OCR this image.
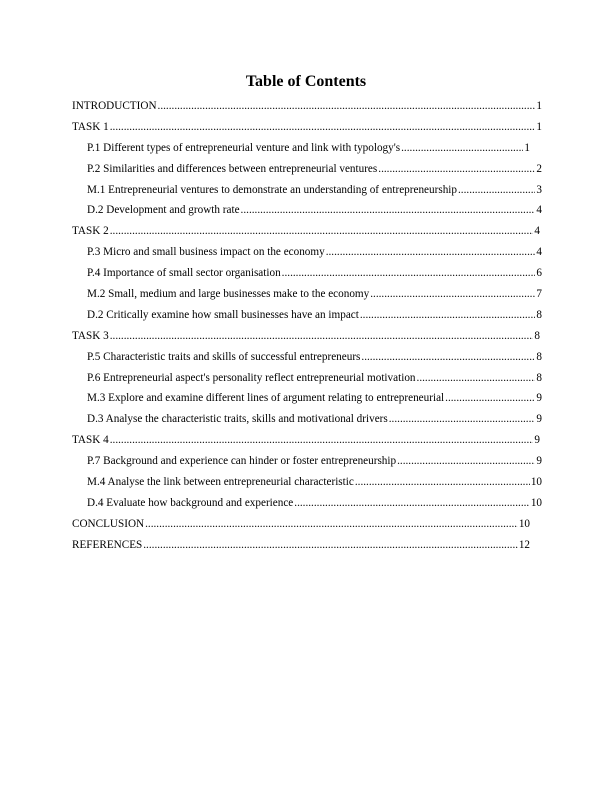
Table of Contents
INTRODUCTION .....	1
TASK 1 .....	1
P.1 Different types of entrepreneurial venture and link with typology's .....	1
P.2 Similarities and differences between entrepreneurial ventures .....	2
M.1 Entrepreneurial ventures to demonstrate an understanding of entrepreneurship .....	3
D.2 Development and growth rate .....	4
TASK 2 .....	4
P.3 Micro and small business impact on the economy .....	4
P.4 Importance of small sector organisation .....	6
M.2 Small, medium and large businesses make to the economy .....	7
D.2 Critically examine how small businesses have an impact .....	8
TASK 3 .....	8
P.5 Characteristic traits and skills of successful entrepreneurs .....	8
P.6 Entrepreneurial aspect's personality reflect entrepreneurial motivation .....	8
M.3 Explore and examine different lines of argument relating to entrepreneurial .....	9
D.3 Analyse the characteristic traits, skills and motivational drivers .....	9
TASK 4 .....	9
P.7 Background and experience can hinder or foster entrepreneurship .....	9
M.4 Analyse the link between entrepreneurial characteristic .....	10
D.4 Evaluate how background and experience .....	10
CONCLUSION .....	10
REFERENCES .....	12
